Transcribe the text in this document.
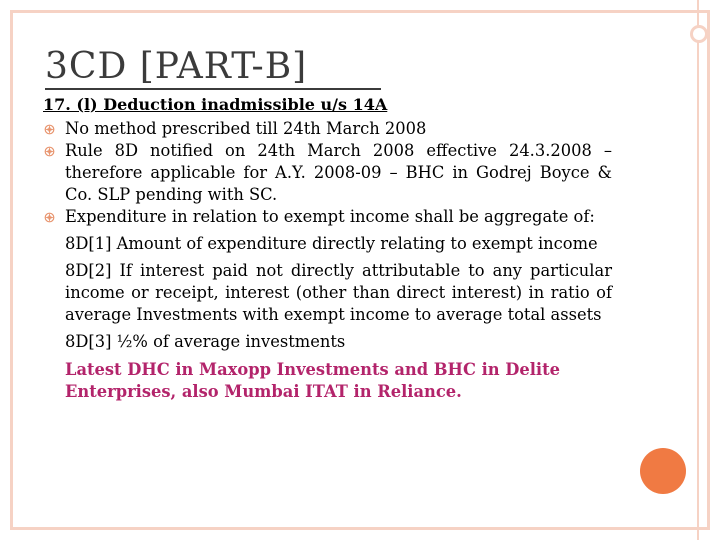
3CD [PART-B]
17. (l) Deduction inadmissible u/s 14A
No method prescribed till 24th March 2008
Rule 8D notified on 24th March 2008 effective 24.3.2008 – therefore applicable for A.Y. 2008-09 – BHC in Godrej Boyce & Co. SLP pending with SC.
Expenditure in relation to exempt income shall be aggregate of:
8D[1] Amount of expenditure directly relating to exempt income
8D[2] If interest paid not directly attributable to any particular income or receipt, interest (other than direct interest) in ratio of average Investments with exempt income to average total assets
8D[3] ½% of average investments
Latest DHC in Maxopp Investments and BHC in Delite Enterprises, also Mumbai ITAT in Reliance.
